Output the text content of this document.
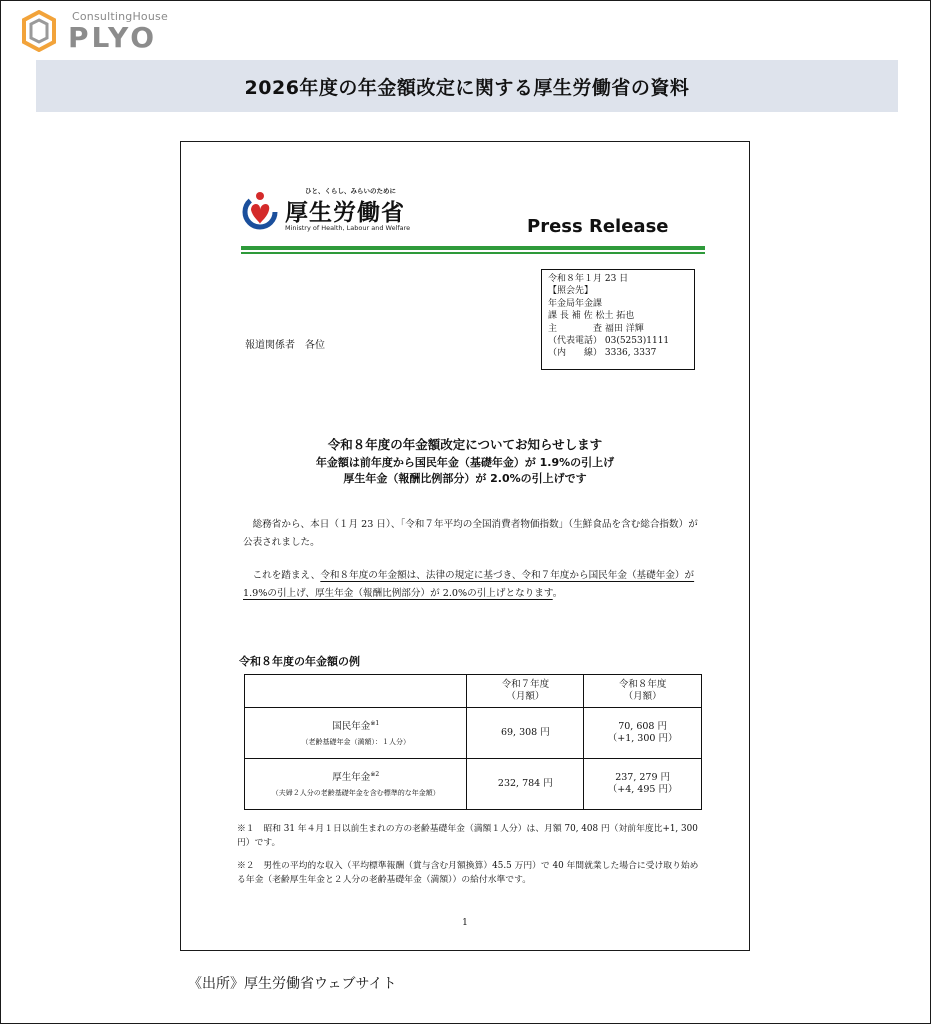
ConsultingHouse
PLYO
2026年度の年金額改定に関する厚生労働省の資料
ひと、くらし、みらいのために
厚生労働省
Ministry of Health, Labour and Welfare	Press Release
令和８年１月 23 日
【照会先】
年金局年金課
課 長 補 佐 松土 拓也
主　　　　査 福田 洋輝
（代表電話） 03(5253)1111
（内　　線） 3336, 3337
報道関係者　各位
令和８年度の年金額改定についてお知らせします
年金額は前年度から国民年金（基礎年金）が 1.9%の引上げ
厚生年金（報酬比例部分）が 2.0%の引上げです

　総務省から、本日（１月 23 日）、「令和７年平均の全国消費者物価指数」（生鮮食品を含む総合指数）が公表されました。

　これを踏まえ、令和８年度の年金額は、法律の規定に基づき、令和７年度から国民年金（基礎年金）が 1.9%の引上げ、厚生年金（報酬比例部分）が 2.0%の引上げとなります。

令和８年度の年金額の例
	令和７年度
（月額）	令和８年度
（月額）
国民年金$^{※1}$
（老齢基礎年金（満額）：１人分）	69, 308 円	70, 608 円
（+1, 300 円）
厚生年金$^{※2}$
（夫婦２人分の老齢基礎年金を含む標準的な年金額）	232, 784 円	237, 279 円
（+4, 495 円）
※１　 昭和 31 年４月１日以前生まれの方の老齢基礎年金（満額１人分）は、月額 70, 408 円（対前年度比+1, 300 円）です。
※２　 男性の平均的な収入（平均標準報酬（賞与含む月額換算）45.5 万円）で 40 年間就業した場合に受け取り始める年金（老齢厚生年金と２人分の老齢基礎年金（満額））の給付水準です。
1
《出所》厚生労働省ウェブサイト
